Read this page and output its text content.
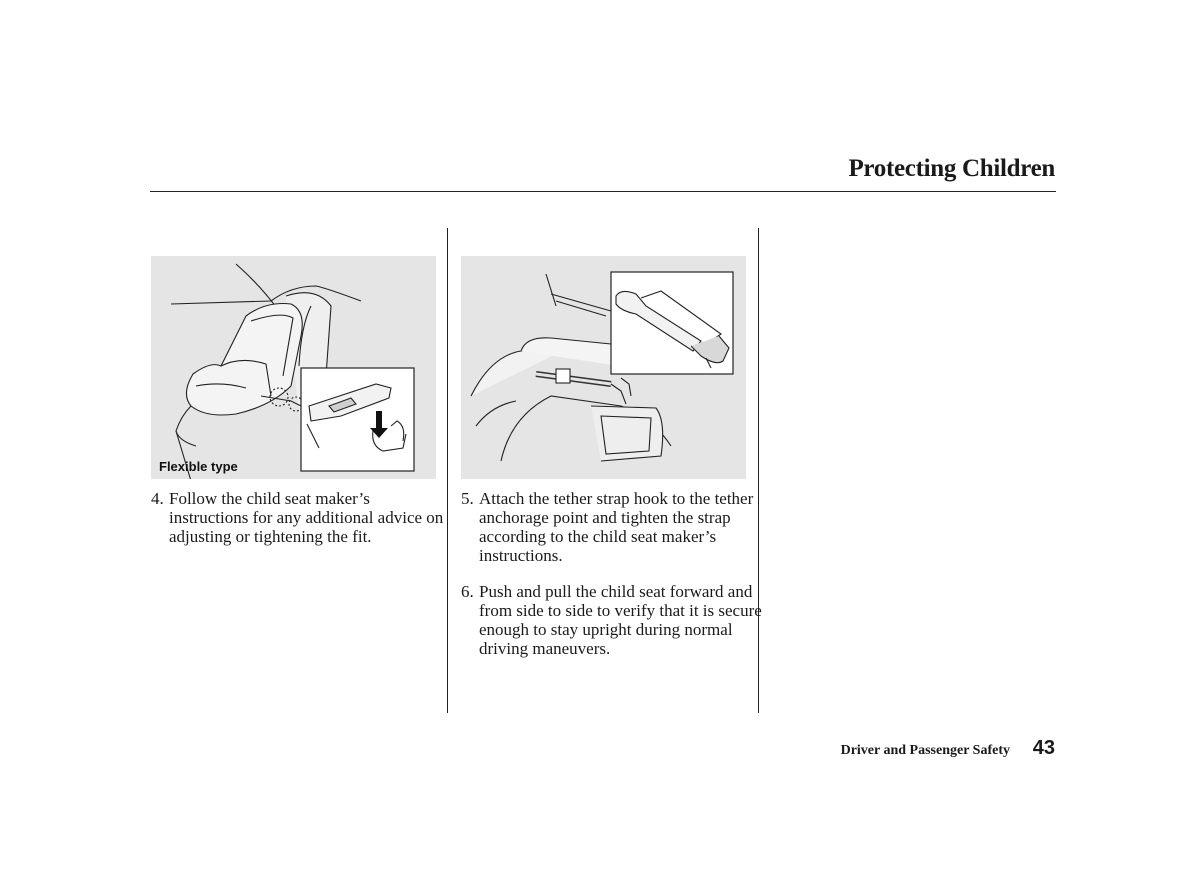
Protecting Children
Flexible type

4. Follow the child seat maker’s instructions for any additional advice on adjusting or tightening the fit.

5. Attach the tether strap hook to the tether anchorage point and tighten the strap according to the child seat maker’s instructions.

6. Push and pull the child seat forward and from side to side to verify that it is secure enough to stay upright during normal driving maneuvers.

Driver and Passenger Safety 43
